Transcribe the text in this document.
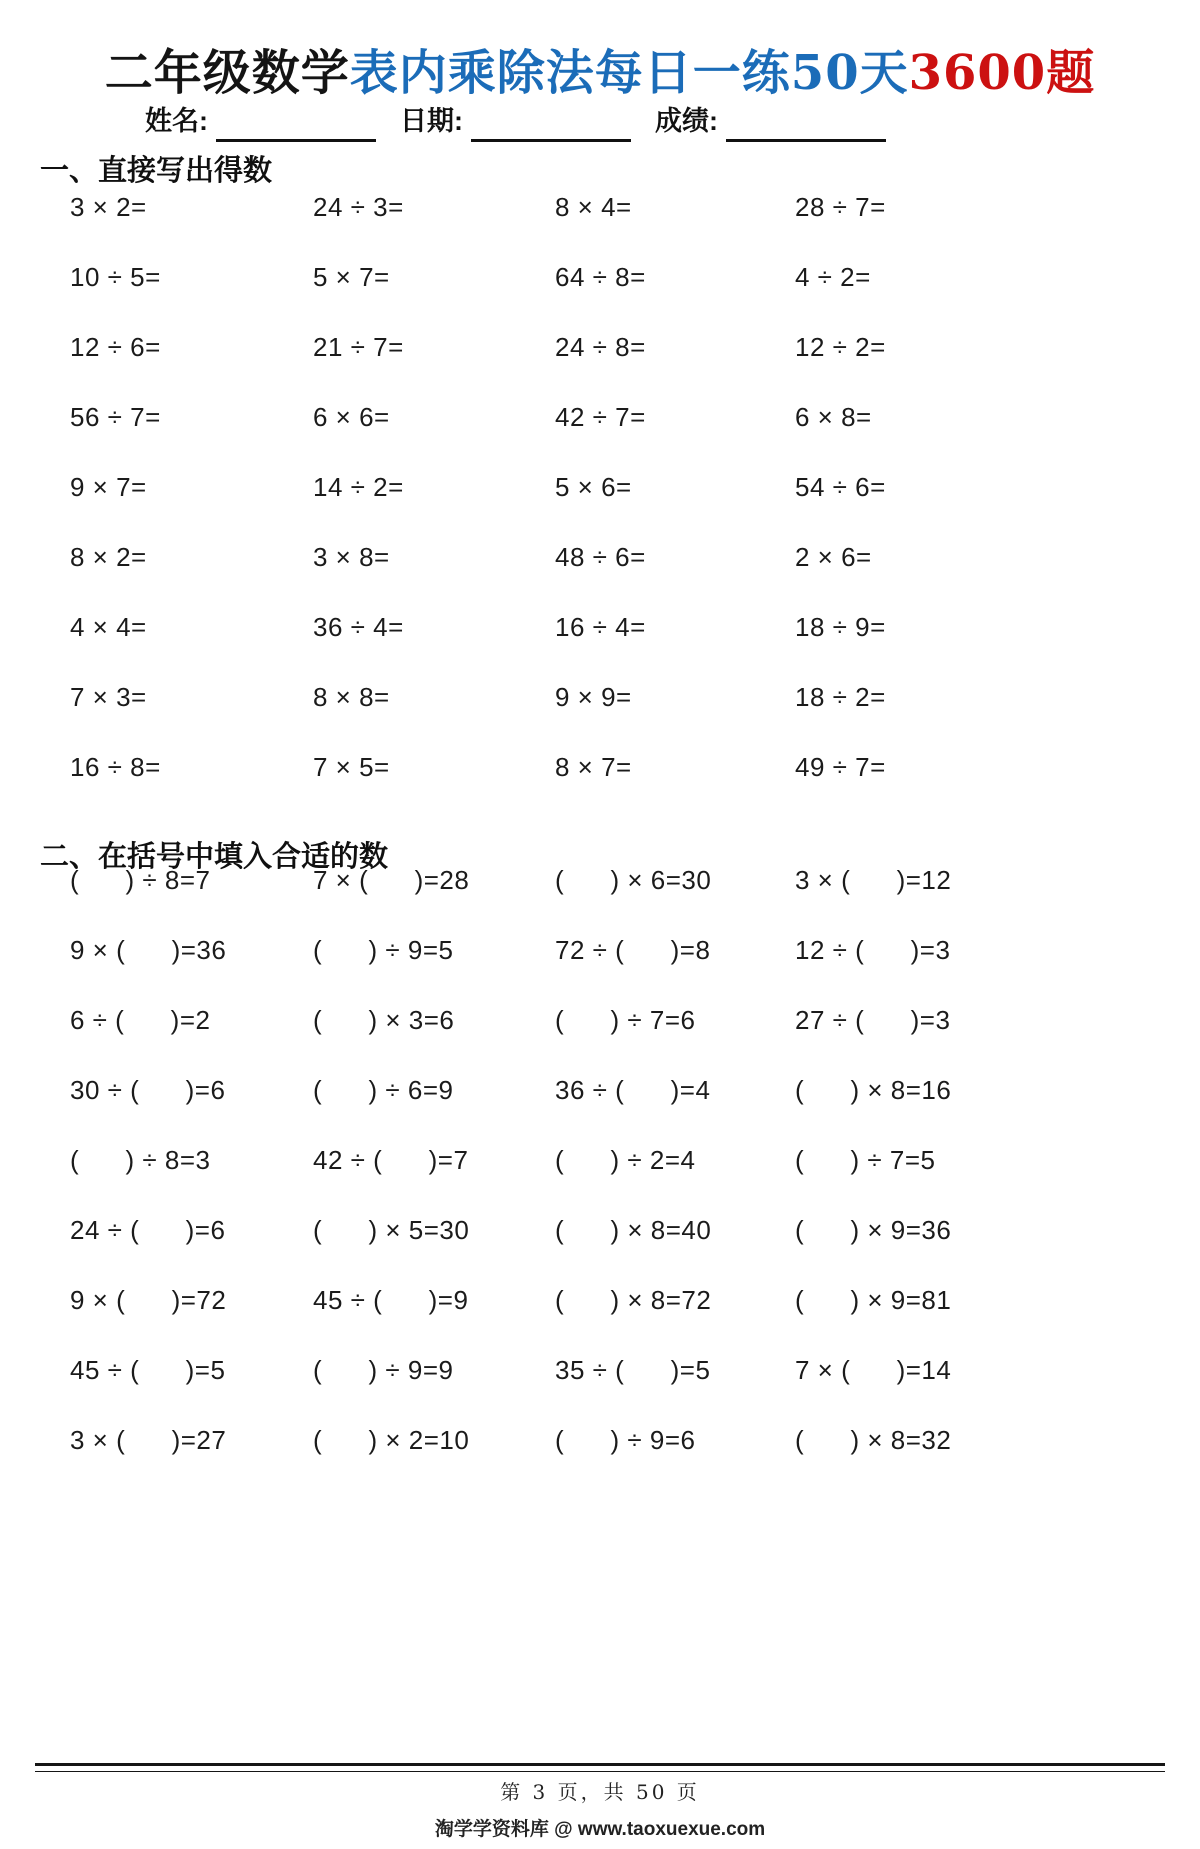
二年级数学表内乘除法每日一练50天3600题
姓名:	日期:	成绩:
一、直接写出得数
3 × 2=	24 ÷ 3=	8 × 4=	28 ÷ 7=
10 ÷ 5=	5 × 7=	64 ÷ 8=	4 ÷ 2=
12 ÷ 6=	21 ÷ 7=	24 ÷ 8=	12 ÷ 2=
56 ÷ 7=	6 × 6=	42 ÷ 7=	6 × 8=
9 × 7=	14 ÷ 2=	5 × 6=	54 ÷ 6=
8 × 2=	3 × 8=	48 ÷ 6=	2 × 6=
4 × 4=	36 ÷ 4=	16 ÷ 4=	18 ÷ 9=
7 × 3=	8 × 8=	9 × 9=	18 ÷ 2=
16 ÷ 8=	7 × 5=	8 × 7=	49 ÷ 7=
二、在括号中填入合适的数
(      ) ÷ 8=7	7 × (      )=28	(      ) × 6=30	3 × (      )=12
9 × (      )=36	(      ) ÷ 9=5	72 ÷ (      )=8	12 ÷ (      )=3
6 ÷ (      )=2	(      ) × 3=6	(      ) ÷ 7=6	27 ÷ (      )=3
30 ÷ (      )=6	(      ) ÷ 6=9	36 ÷ (      )=4	(      ) × 8=16
(      ) ÷ 8=3	42 ÷ (      )=7	(      ) ÷ 2=4	(      ) ÷ 7=5
24 ÷ (      )=6	(      ) × 5=30	(      ) × 8=40	(      ) × 9=36
9 × (      )=72	45 ÷ (      )=9	(      ) × 8=72	(      ) × 9=81
45 ÷ (      )=5	(      ) ÷ 9=9	35 ÷ (      )=5	7 × (      )=14
3 × (      )=27	(      ) × 2=10	(      ) ÷ 9=6	(      ) × 8=32
第 3 页，共 50 页
淘学学资料库 @ www.taoxuexue.com
